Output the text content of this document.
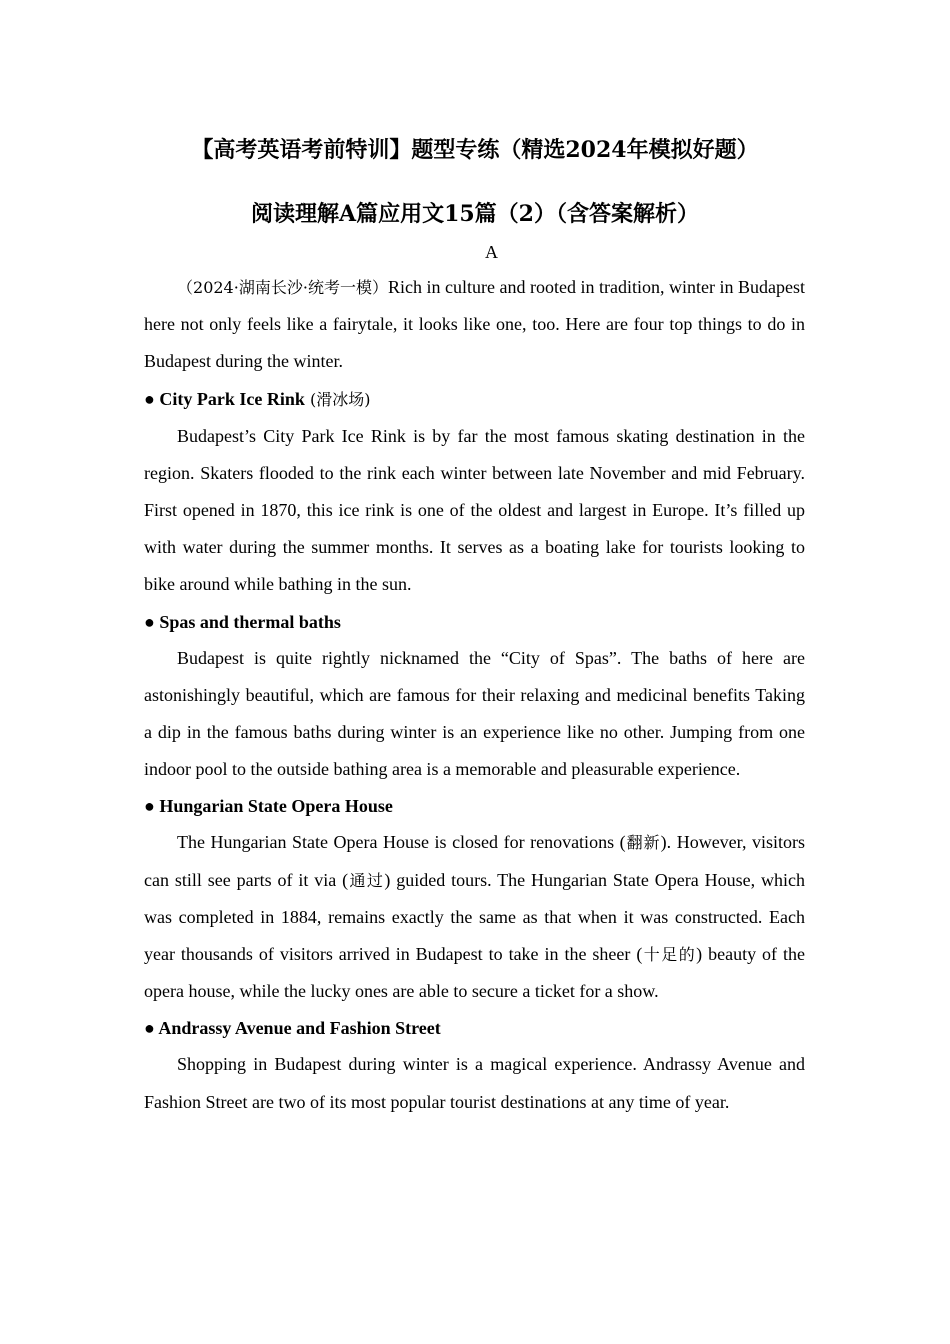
【高考英语考前特训】题型专练（精选2024年模拟好题）
阅读理解A篇应用文15篇（2）（含答案解析）

A

（2024·湖南长沙·统考一模）Rich in culture and rooted in tradition, winter in Budapest here not only feels like a fairytale, it looks like one, too. Here are four top things to do in Budapest during the winter.

● City Park Ice Rink (滑冰场)

Budapest’s City Park Ice Rink is by far the most famous skating destination in the region. Skaters flooded to the rink each winter between late November and mid February. First opened in 1870, this ice rink is one of the oldest and largest in Europe. It’s filled up with water during the summer months. It serves as a boating lake for tourists looking to bike around while bathing in the sun.

● Spas and thermal baths

Budapest is quite rightly nicknamed the “City of Spas”. The baths of here are astonishingly beautiful, which are famous for their relaxing and medicinal benefits Taking a dip in the famous baths during winter is an experience like no other. Jumping from one indoor pool to the outside bathing area is a memorable and pleasurable experience.

● Hungarian State Opera House

The Hungarian State Opera House is closed for renovations (翻新). However, visitors can still see parts of it via (通过) guided tours. The Hungarian State Opera House, which was completed in 1884, remains exactly the same as that when it was constructed. Each year thousands of visitors arrived in Budapest to take in the sheer (十足的) beauty of the opera house, while the lucky ones are able to secure a ticket for a show.

● Andrassy Avenue and Fashion Street

Shopping in Budapest during winter is a magical experience. Andrassy Avenue and Fashion Street are two of its most popular tourist destinations at any time of year.
